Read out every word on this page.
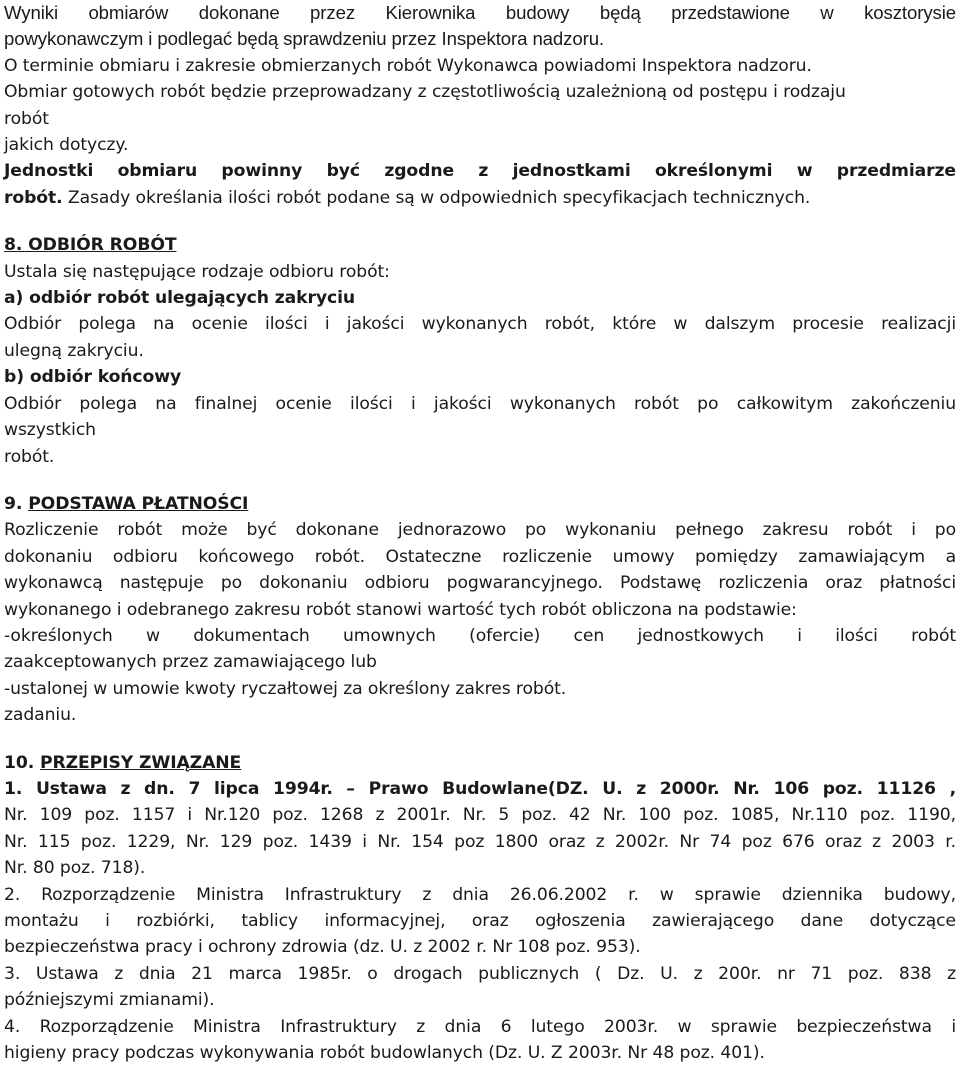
Wyniki obmiarów dokonane przez Kierownika budowy będą przedstawione w kosztorysie
powykonawczym i podlegać będą sprawdzeniu przez Inspektora nadzoru.
O terminie obmiaru i zakresie obmierzanych robót Wykonawca powiadomi Inspektora nadzoru.
Obmiar gotowych robót będzie przeprowadzany z częstotliwością uzależnioną od postępu i rodzaju
robót
jakich dotyczy.
Jednostki obmiaru powinny być zgodne z jednostkami określonymi w przedmiarze
robót. Zasady określania ilości robót podane są w odpowiednich specyfikacjach technicznych.
8. ODBIÓR ROBÓT
Ustala się następujące rodzaje odbioru robót:
a) odbiór robót ulegających zakryciu
Odbiór polega na ocenie ilości i jakości wykonanych robót, które w dalszym procesie realizacji
ulegną zakryciu.
b) odbiór końcowy
Odbiór polega na finalnej ocenie ilości i jakości wykonanych robót po całkowitym zakończeniu
wszystkich
robót.
9. PODSTAWA PŁATNOŚCI
Rozliczenie robót może być dokonane jednorazowo po wykonaniu pełnego zakresu robót i po
dokonaniu odbioru końcowego robót. Ostateczne rozliczenie umowy pomiędzy zamawiającym a
wykonawcą następuje po dokonaniu odbioru pogwarancyjnego. Podstawę rozliczenia oraz płatności
wykonanego i odebranego zakresu robót stanowi wartość tych robót obliczona na podstawie:
-określonych w dokumentach umownych (ofercie) cen jednostkowych i ilości robót
zaakceptowanych przez zamawiającego lub
-ustalonej w umowie kwoty ryczałtowej za określony zakres robót.
zadaniu.
10. PRZEPISY ZWIĄZANE
1. Ustawa z dn. 7 lipca 1994r. – Prawo Budowlane(DZ. U. z 2000r. Nr. 106 poz. 11126 ,
Nr. 109 poz. 1157 i Nr.120 poz. 1268 z 2001r. Nr. 5 poz. 42 Nr. 100 poz. 1085, Nr.110 poz. 1190,
Nr. 115 poz. 1229, Nr. 129 poz. 1439 i Nr. 154 poz 1800 oraz z 2002r. Nr 74 poz 676 oraz z 2003 r.
Nr. 80 poz. 718).
2. Rozporządzenie Ministra Infrastruktury z dnia 26.06.2002 r. w sprawie dziennika budowy,
montażu i rozbiórki, tablicy informacyjnej, oraz ogłoszenia zawierającego dane dotyczące
bezpieczeństwa pracy i ochrony zdrowia (dz. U. z 2002 r. Nr 108 poz. 953).
3. Ustawa z dnia 21 marca 1985r. o drogach publicznych ( Dz. U. z 200r. nr 71 poz. 838 z
późniejszymi zmianami).
4. Rozporządzenie Ministra Infrastruktury z dnia 6 lutego 2003r. w sprawie bezpieczeństwa i
higieny pracy podczas wykonywania robót budowlanych (Dz. U. Z 2003r. Nr 48 poz. 401).
